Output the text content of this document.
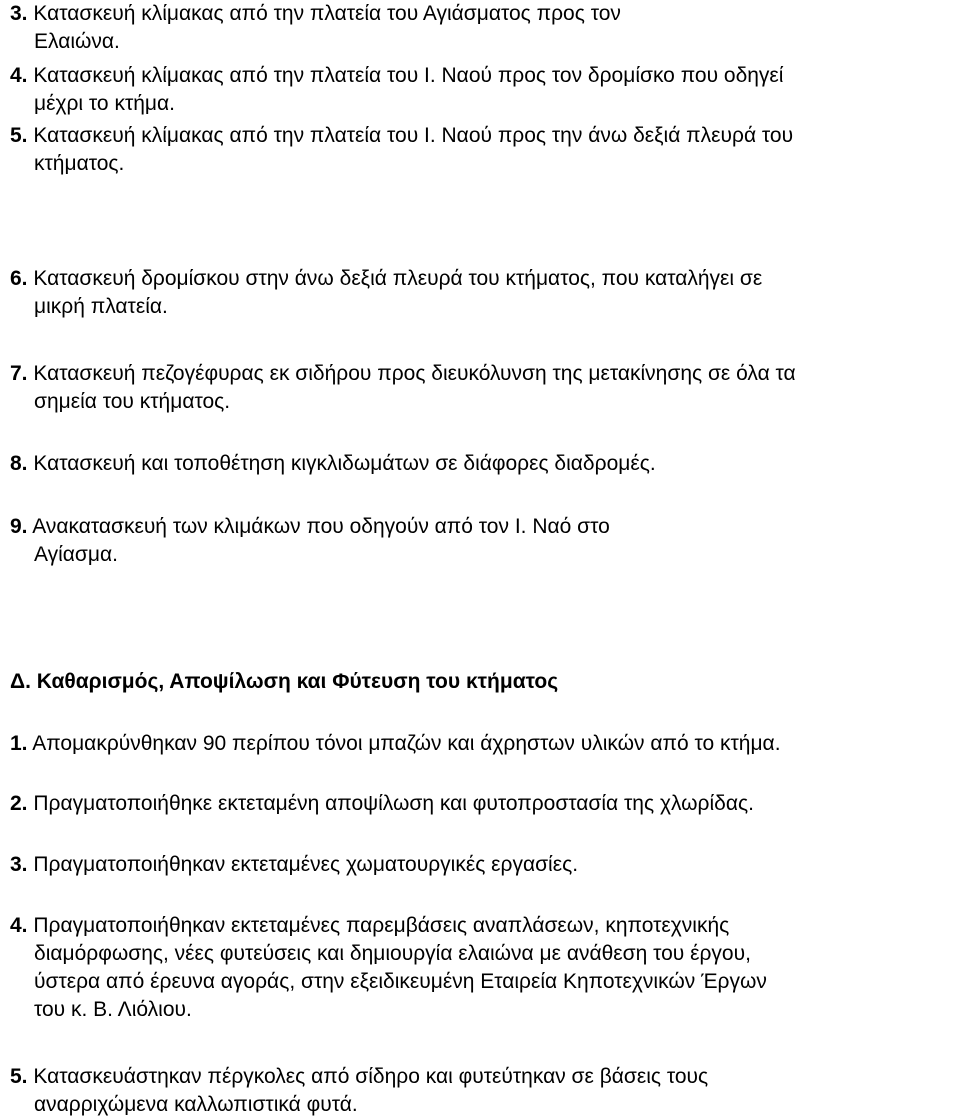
3. Κατασκευή κλίμακας από την πλατεία του Αγιάσματος προς τον
Ελαιώνα.
4. Κατασκευή κλίμακας από την πλατεία του Ι. Ναού προς τον δρομίσκο που οδηγεί
μέχρι το κτήμα.
5. Κατασκευή κλίμακας από την πλατεία του Ι. Ναού προς την άνω δεξιά πλευρά του
κτήματος.
6. Κατασκευή δρομίσκου στην άνω δεξιά πλευρά του κτήματος, που καταλήγει σε
μικρή πλατεία.
7. Κατασκευή πεζογέφυρας εκ σιδήρου προς διευκόλυνση της μετακίνησης σε όλα τα
σημεία του κτήματος.
8. Κατασκευή και τοποθέτηση κιγκλιδωμάτων σε διάφορες διαδρομές.
9. Ανακατασκευή των κλιμάκων που οδηγούν από τον Ι. Ναό στο
Αγίασμα.
Δ. Καθαρισμός, Αποψίλωση και Φύτευση του κτήματος
1. Απομακρύνθηκαν 90 περίπου τόνοι μπαζών και άχρηστων υλικών από το κτήμα.
2. Πραγματοποιήθηκε εκτεταμένη αποψίλωση και φυτοπροστασία της χλωρίδας.
3. Πραγματοποιήθηκαν εκτεταμένες χωματουργικές εργασίες.
4. Πραγματοποιήθηκαν εκτεταμένες παρεμβάσεις αναπλάσεων, κηποτεχνικής
διαμόρφωσης, νέες φυτεύσεις και δημιουργία ελαιώνα με ανάθεση του έργου,
ύστερα από έρευνα αγοράς, στην εξειδικευμένη Εταιρεία Κηποτεχνικών Έργων
του κ. Β. Λιόλιου.
5. Κατασκευάστηκαν πέργκολες από σίδηρο και φυτεύτηκαν σε βάσεις τους
αναρριχώμενα καλλωπιστικά φυτά.
